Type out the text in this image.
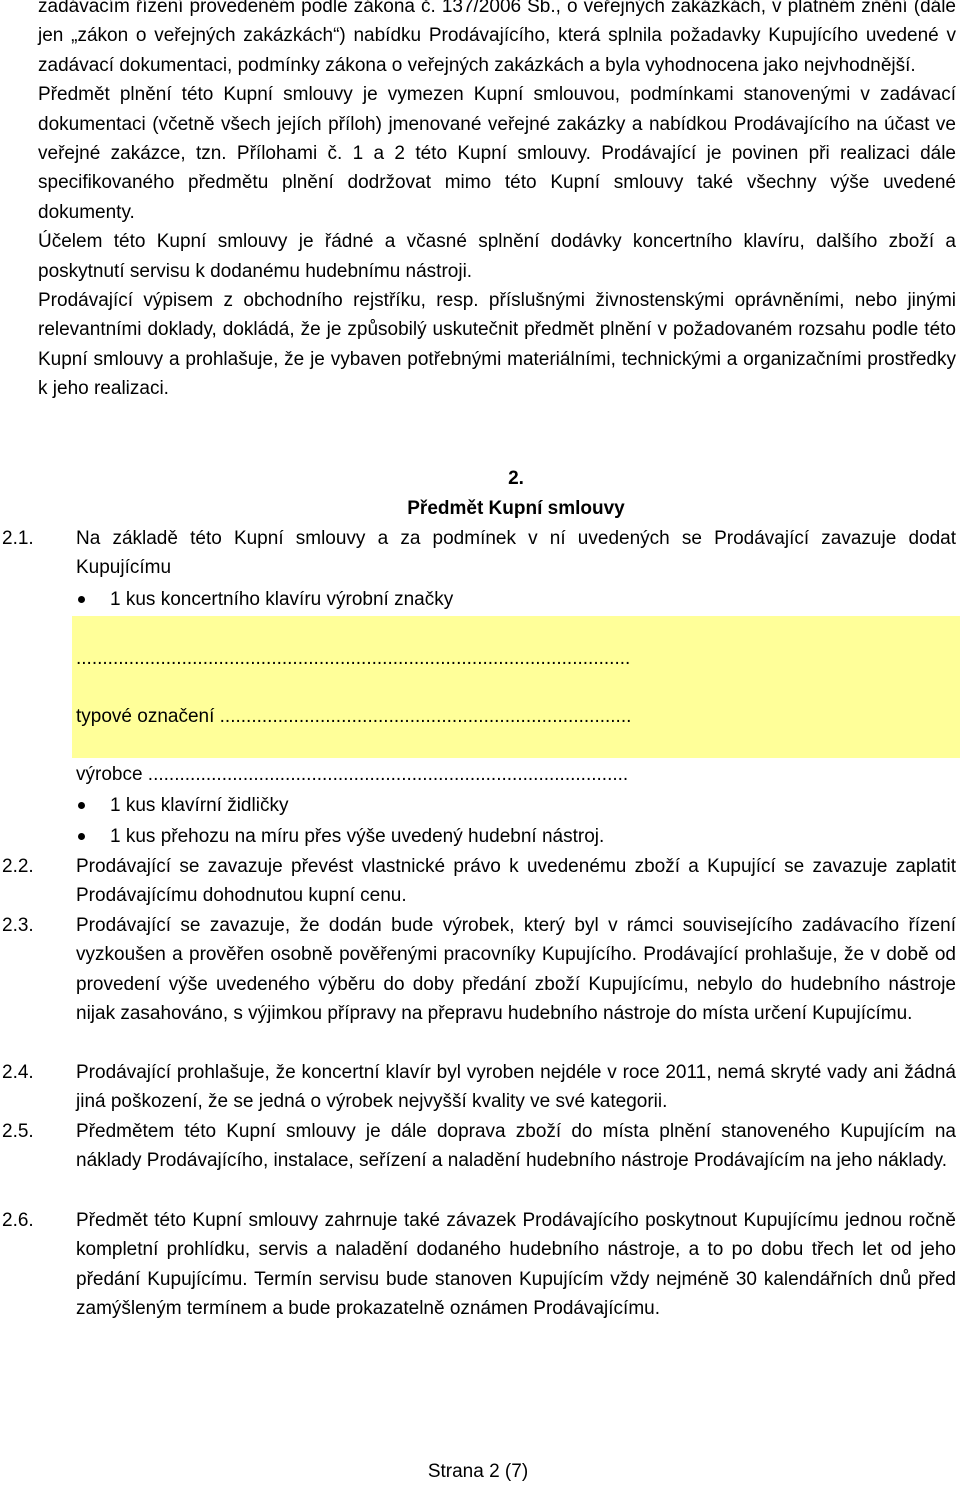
zadávacím řízení provedeném podle zákona č. 137/2006 Sb., o veřejných zakázkách, v platném znění (dále jen „zákon o veřejných zakázkách“) nabídku Prodávajícího, která splnila požadavky Kupujícího uvedené v zadávací dokumentaci, podmínky zákona o veřejných zakázkách a byla vyhodnocena jako nejvhodnější.

Předmět plnění této Kupní smlouvy je vymezen Kupní smlouvou, podmínkami stanovenými v zadávací dokumentaci (včetně všech jejích příloh) jmenované veřejné zakázky a nabídkou Prodávajícího na účast ve veřejné zakázce, tzn. Přílohami č. 1 a 2 této Kupní smlouvy. Prodávající je povinen při realizaci dále specifikovaného předmětu plnění dodržovat mimo této Kupní smlouvy také všechny výše uvedené dokumenty.

Účelem této Kupní smlouvy je řádné a včasné splnění dodávky koncertního klavíru, dalšího zboží a poskytnutí servisu k dodanému hudebnímu nástroji.

Prodávající výpisem z obchodního rejstříku, resp. příslušnými živnostenskými oprávněními, nebo jinými relevantními doklady, dokládá, že je způsobilý uskutečnit předmět plnění v požadovaném rozsahu podle této Kupní smlouvy a prohlašuje, že je vybaven potřebnými materiálními, technickými a organizačními prostředky k jeho realizaci.

2.
Předmět Kupní smlouvy
2.1. Na základě této Kupní smlouvy a za podmínek v ní uvedených se Prodávající zavazuje dodat Kupujícímu

1 kus koncertního klavíru výrobní značky
.........................................................................................................
typové označení ..............................................................................
výrobce ...........................................................................................
1 kus klavírní židličky
1 kus přehozu na míru přes výše uvedený hudební nástroj.
2.2. Prodávající se zavazuje převést vlastnické právo k uvedenému zboží a Kupující se zavazuje zaplatit Prodávajícímu dohodnutou kupní cenu.

2.3. Prodávající se zavazuje, že dodán bude výrobek, který byl v rámci souvisejícího zadávacího řízení vyzkoušen a prověřen osobně pověřenými pracovníky Kupujícího. Prodávající prohlašuje, že v době od provedení výše uvedeného výběru do doby předání zboží Kupujícímu, nebylo do hudebního nástroje nijak zasahováno, s výjimkou přípravy na přepravu hudebního nástroje do místa určení Kupujícímu.

2.4. Prodávající prohlašuje, že koncertní klavír byl vyroben nejdéle v roce 2011, nemá skryté vady ani žádná jiná poškození, že se jedná o výrobek nejvyšší kvality ve své kategorii.

2.5. Předmětem této Kupní smlouvy je dále doprava zboží do místa plnění stanoveného Kupujícím na náklady Prodávajícího, instalace, seřízení a naladění hudebního nástroje Prodávajícím na jeho náklady.

2.6. Předmět této Kupní smlouvy zahrnuje také závazek Prodávajícího poskytnout Kupujícímu jednou ročně kompletní prohlídku, servis a naladění dodaného hudebního nástroje, a to po dobu třech let od jeho předání Kupujícímu. Termín servisu bude stanoven Kupujícím vždy nejméně 30 kalendářních dnů před zamýšleným termínem a bude prokazatelně oznámen Prodávajícímu.

Strana 2 (7)
